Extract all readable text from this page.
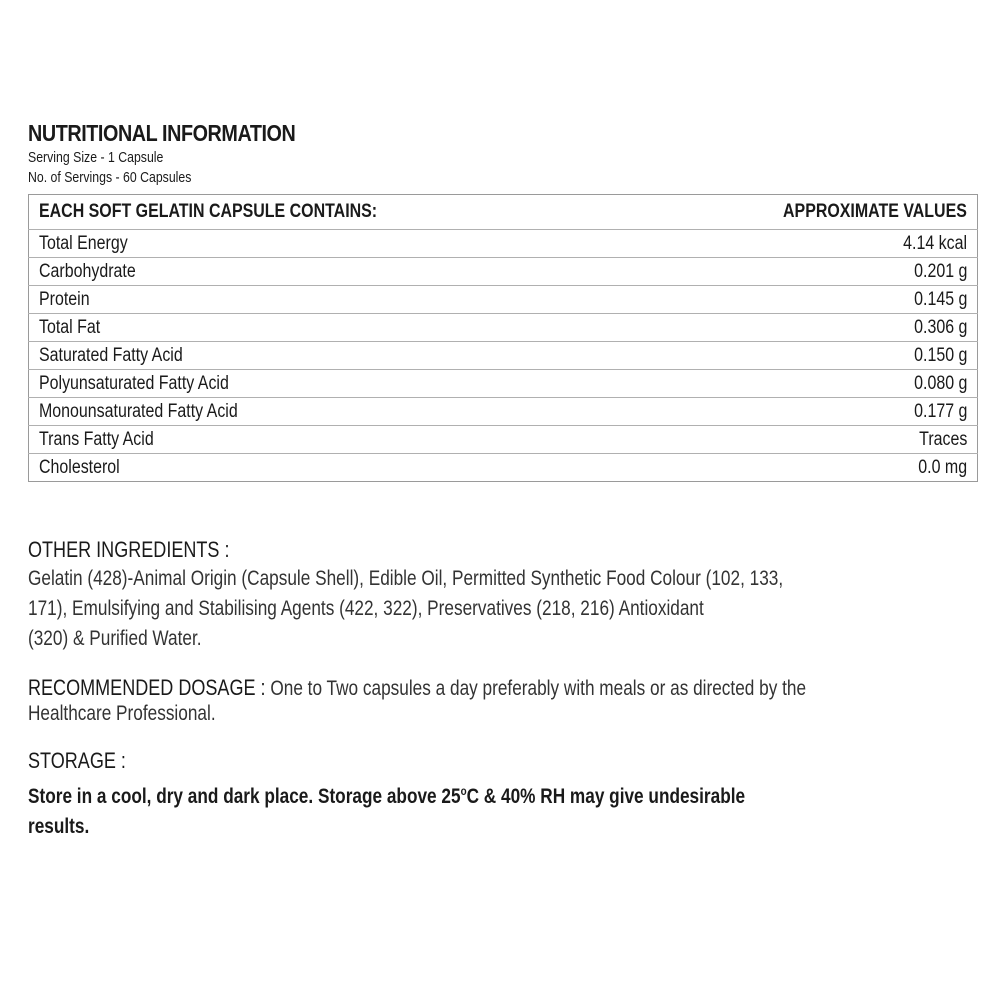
NUTRITIONAL INFORMATION
Serving Size - 1 Capsule
No. of Servings - 60 Capsules
EACH SOFT GELATIN CAPSULE CONTAINS:	APPROXIMATE VALUES
Total Energy	4.14 kcal
Carbohydrate	0.201 g
Protein	0.145 g
Total Fat	0.306 g
Saturated Fatty Acid	0.150 g
Polyunsaturated Fatty Acid	0.080 g
Monounsaturated Fatty Acid	0.177 g
Trans Fatty Acid	Traces
Cholesterol	0.0 mg
OTHER INGREDIENTS :
Gelatin (428)-Animal Origin (Capsule Shell), Edible Oil, Permitted Synthetic Food Colour (102, 133,
171), Emulsifying and Stabilising Agents (422, 322), Preservatives (218, 216) Antioxidant
(320) & Purified Water.
RECOMMENDED DOSAGE : One to Two capsules a day preferably with meals or as directed by the
Healthcare Professional.
STORAGE :
Store in a cool, dry and dark place. Storage above 25$^o$C & 40% RH may give undesirable
results.
